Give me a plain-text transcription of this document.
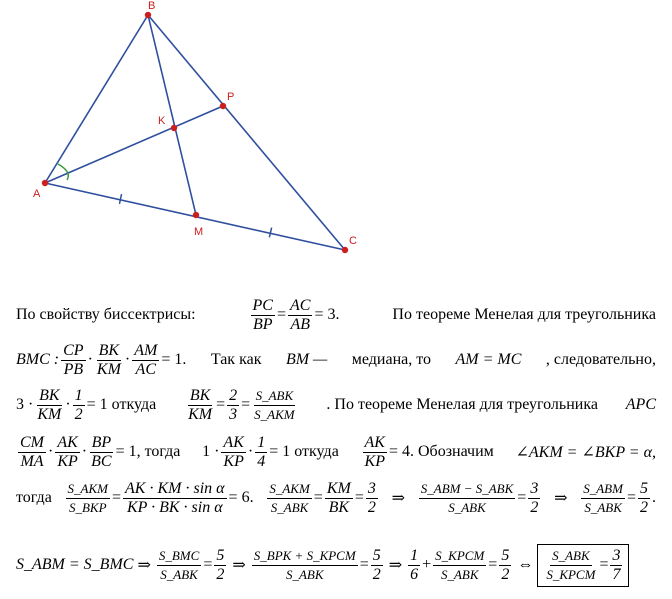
A
B
C
P
K
M
По свойству биссектрисы:	$\frac{PC}{BP} = \frac{AC}{AB} = 3$.	По теореме Менелая для треугольника
BMC : $\frac{CP}{PB} \cdot \frac{BK}{KM} \cdot \frac{AM}{AC} = 1$. Так как BM — медиана, то AM = MC , следовательно,
$3 \cdot \frac{BK}{KM} \cdot \frac{1}{2} = 1$ откуда $\frac{BK}{KM} = \frac{2}{3} = \frac{\text{S\_ABK}}{\text{S\_AKM}}$ . По теореме Менелая для треугольника APC
$\frac{CM}{MA} \cdot \frac{AK}{KP} \cdot \frac{BP}{BC} = 1$, тогда $1 \cdot \frac{AK}{KP} \cdot \frac{1}{4} = 1$ откуда $\frac{AK}{KP} = 4$. Обозначим ∠AKM = ∠BKP = α,
тогда $\frac{\text{S\_AKM}}{\text{S\_BKP}} = \frac{\text{AK · KM · sin α}}{\text{KP · BK · sin α}} = 6$. $\frac{\text{S\_AKM}}{\text{S\_ABK}} = \frac{KM}{BK} = \frac{3}{2}$ ⇒ $\frac{\text{S\_ABM − S\_ABK}}{\text{S\_ABK}} = \frac{3}{2}$ ⇒ $\frac{\text{S\_ABM}}{\text{S\_ABK}} = \frac{5}{2}$ .
S_ABM = S_BMC ⇒ $\frac{\text{S\_BMC}}{\text{S\_ABK}} = \frac{5}{2}$ ⇒ $\frac{\text{S\_BPK + S\_KPCM}}{\text{S\_ABK}} = \frac{5}{2}$ ⇒ $\frac{1}{6} + \frac{\text{S\_KPCM}}{\text{S\_ABK}} = \frac{5}{2}$ ⇔ $\frac{\text{S\_ABK}}{\text{S\_KPCM}} = \frac{3}{7}$
